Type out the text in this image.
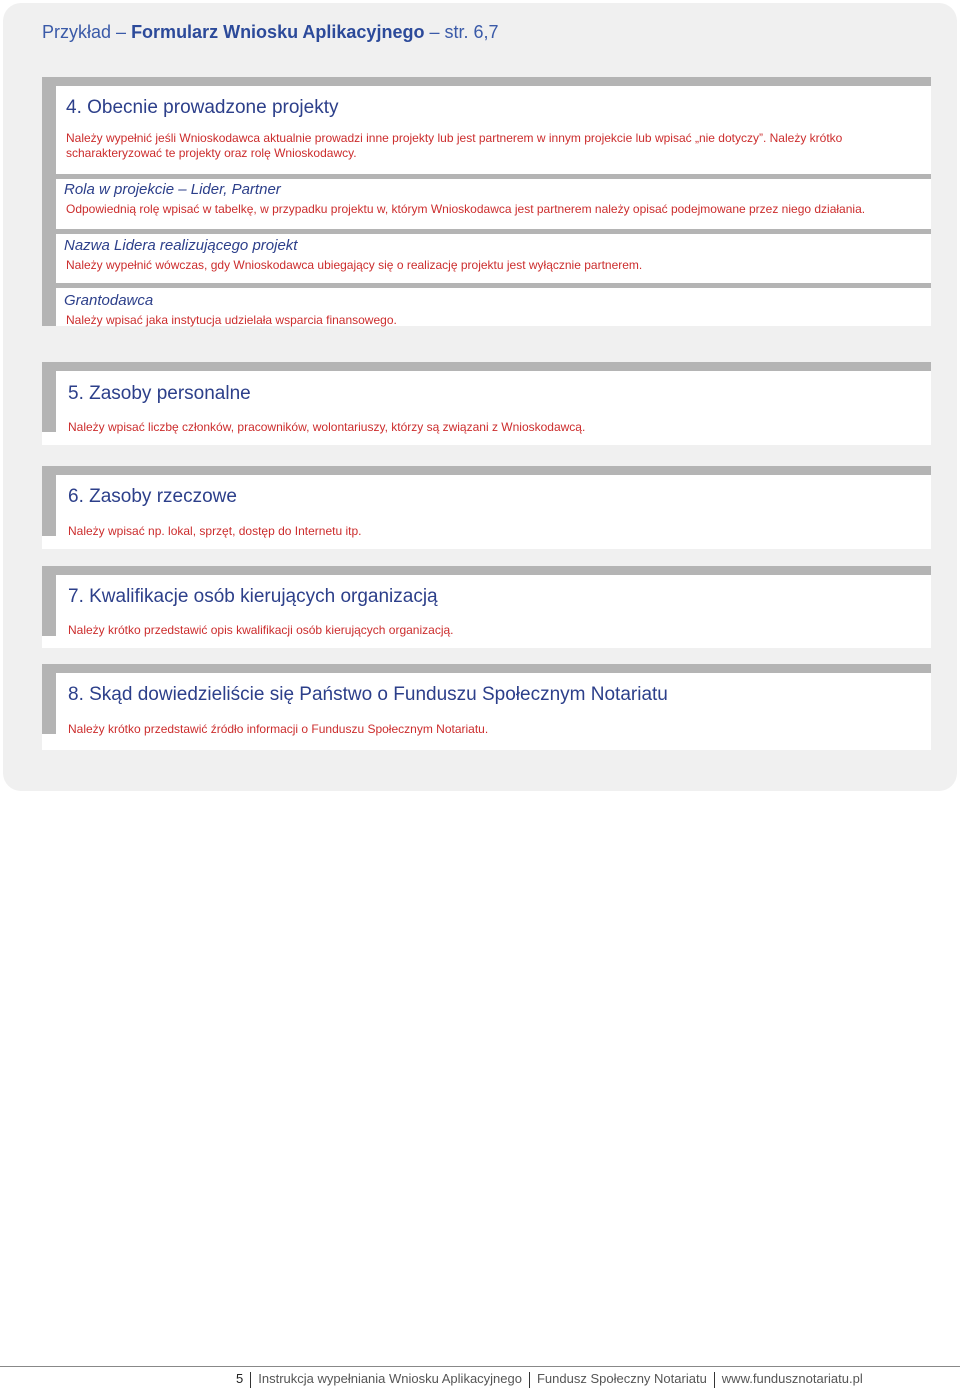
Przykład – Formularz Wniosku Aplikacyjnego – str. 6,7
4. Obecnie prowadzone projekty
Należy wypełnić jeśli Wnioskodawca aktualnie prowadzi inne projekty lub jest partnerem w innym projekcie lub wpisać „nie dotyczy”. Należy krótko scharakteryzować te projekty oraz rolę Wnioskodawcy.
Rola w projekcie – Lider, Partner
Odpowiednią rolę wpisać w tabelkę, w przypadku projektu w, którym Wnioskodawca jest partnerem należy opisać podejmowane przez niego działania.
Nazwa Lidera realizującego projekt
Należy wypełnić wówczas, gdy Wnioskodawca ubiegający się o realizację projektu jest wyłącznie partnerem.
Grantodawca
Należy wpisać jaka instytucja udzielała wsparcia finansowego.
5. Zasoby personalne
Należy wpisać liczbę członków, pracowników, wolontariuszy, którzy są związani z Wnioskodawcą.
6. Zasoby rzeczowe
Należy wpisać np. lokal, sprzęt, dostęp do Internetu itp.
7. Kwalifikacje osób kierujących organizacją
Należy krótko przedstawić opis kwalifikacji osób kierujących organizacją.
8. Skąd dowiedzieliście się Państwo o Funduszu Społecznym Notariatu
Należy krótko przedstawić źródło informacji o Funduszu Społecznym Notariatu.
5 Instrukcja wypełniania Wniosku Aplikacyjnego Fundusz Społeczny Notariatu www.fundusznotariatu.pl
